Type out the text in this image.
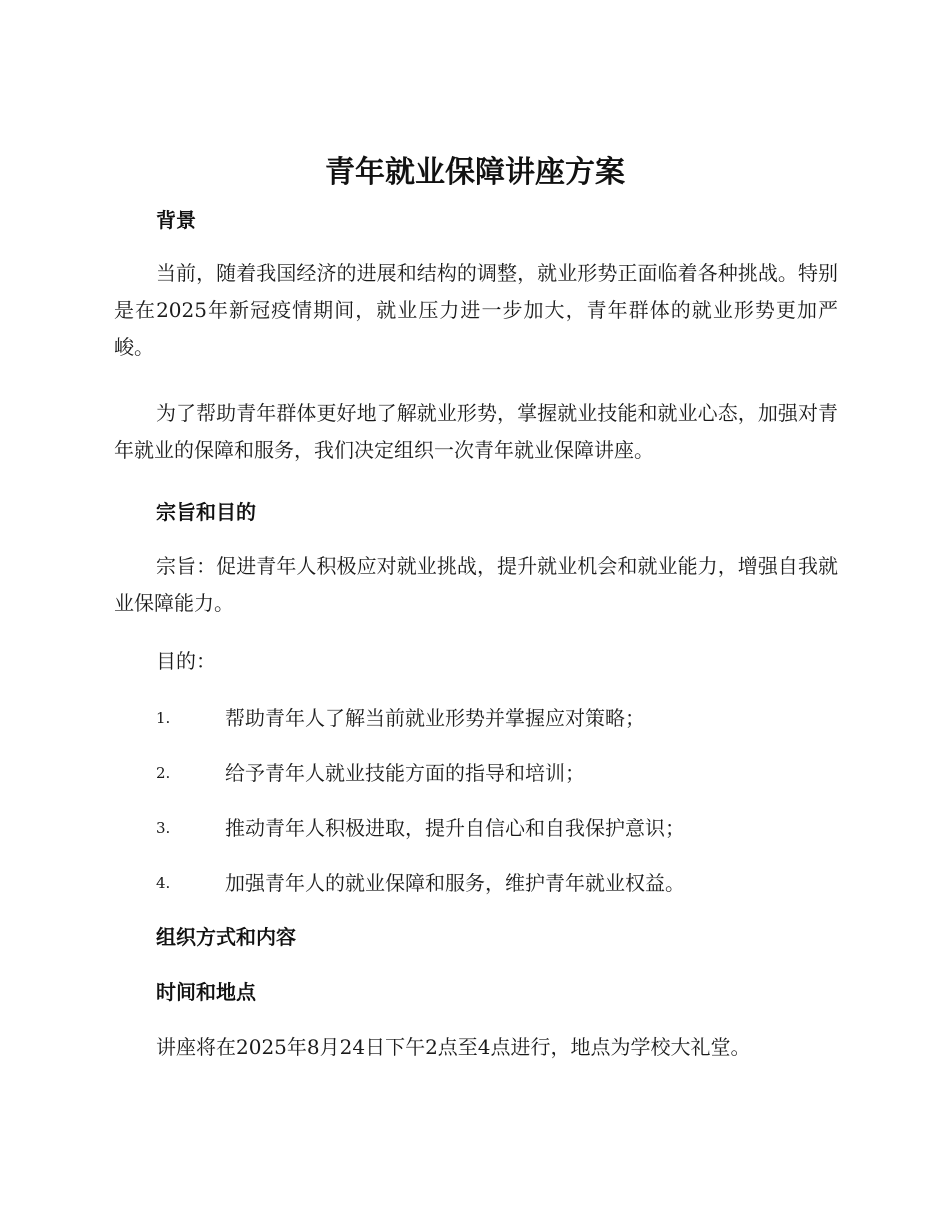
青年就业保障讲座方案
背景

当前，随着我国经济的进展和结构的调整，就业形势正面临着各种挑战。特别是在2025年新冠疫情期间，就业压力进一步加大，青年群体的就业形势更加严峻。

为了帮助青年群体更好地了解就业形势，掌握就业技能和就业心态，加强对青年就业的保障和服务，我们决定组织一次青年就业保障讲座。

宗旨和目的

宗旨：促进青年人积极应对就业挑战，提升就业机会和就业能力，增强自我就业保障能力。

目的：

1.	帮助青年人了解当前就业形势并掌握应对策略；
2.	给予青年人就业技能方面的指导和培训；
3.	推动青年人积极进取，提升自信心和自我保护意识；
4.	加强青年人的就业保障和服务，维护青年就业权益。
组织方式和内容
时间和地点

讲座将在2025年8月24日下午2点至4点进行，地点为学校大礼堂。
